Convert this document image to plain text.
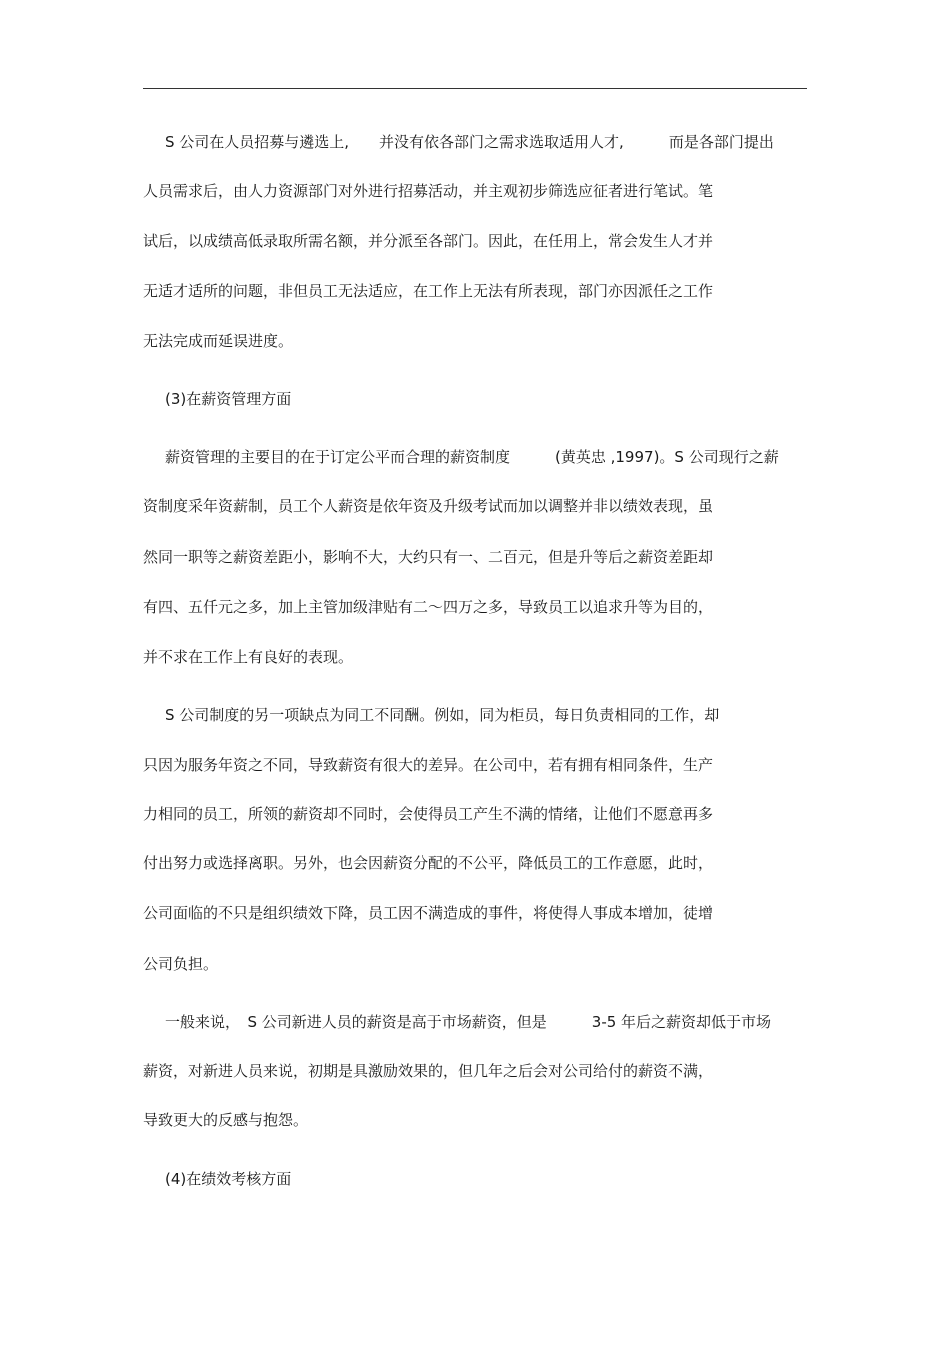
S 公司在人员招募与遴选上,　　并没有依各部门之需求选取适用人才,　　　而是各部门提出
人员需求后，由人力资源部门对外进行招募活动，并主观初步筛选应征者进行笔试。笔
试后，以成绩高低录取所需名额，并分派至各部门。因此，在任用上，常会发生人才并
无适才适所的问题，非但员工无法适应，在工作上无法有所表现，部门亦因派任之工作
无法完成而延误进度。
(3)在薪资管理方面
薪资管理的主要目的在于订定公平而合理的薪资制度　　　(黄英忠 ,1997)。S 公司现行之薪
资制度采年资薪制，员工个人薪资是依年资及升级考试而加以调整并非以绩效表现，虽
然同一职等之薪资差距小，影响不大，大约只有一、二百元，但是升等后之薪资差距却
有四、五仟元之多，加上主管加级津贴有二～四万之多，导致员工以追求升等为目的，
并不求在工作上有良好的表现。
S 公司制度的另一项缺点为同工不同酬。例如，同为柜员，每日负责相同的工作，却
只因为服务年资之不同，导致薪资有很大的差异。在公司中，若有拥有相同条件，生产
力相同的员工，所领的薪资却不同时，会使得员工产生不满的情绪，让他们不愿意再多
付出努力或选择离职。另外，也会因薪资分配的不公平，降低员工的工作意愿，此时，
公司面临的不只是组织绩效下降，员工因不满造成的事件，将使得人事成本增加，徒增
公司负担。
一般来说，　S 公司新进人员的薪资是高于市场薪资，但是　　　3-5 年后之薪资却低于市场
薪资，对新进人员来说，初期是具激励效果的，但几年之后会对公司给付的薪资不满，
导致更大的反感与抱怨。
(4)在绩效考核方面
